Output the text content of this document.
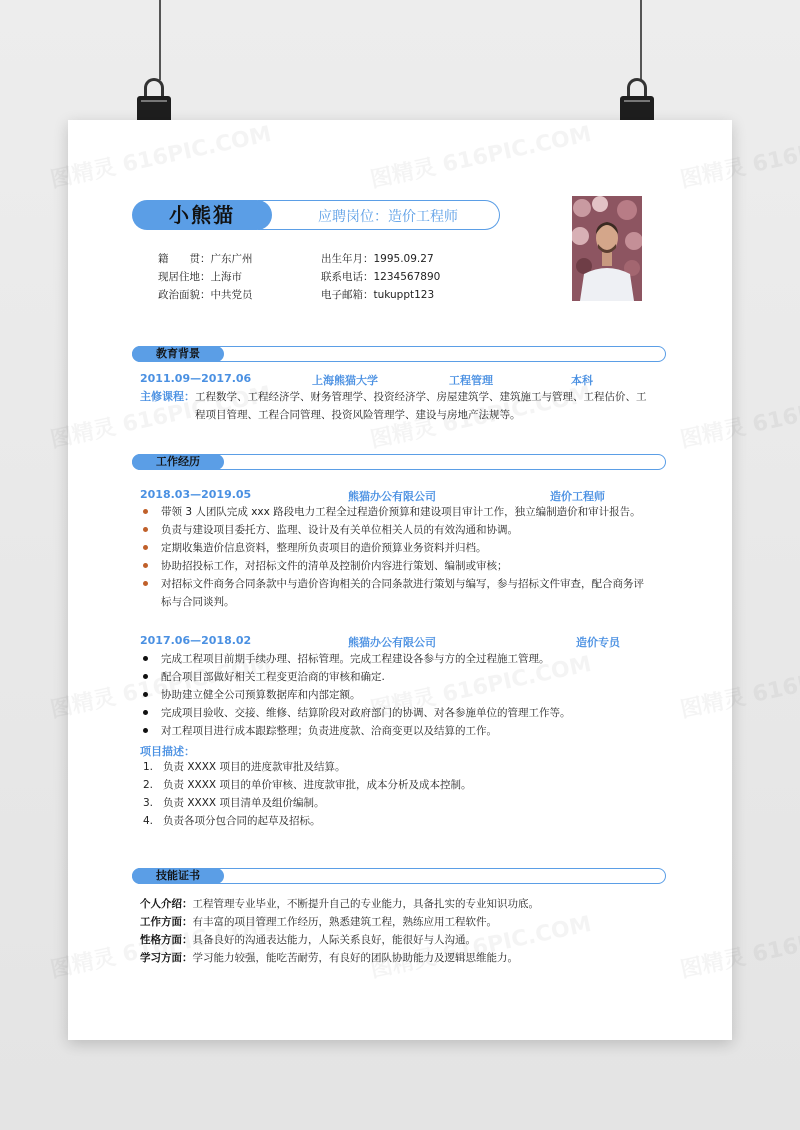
小熊猫	应聘岗位：造价工程师
籍　　贯：广东广州
现居住地：上海市
政治面貌：中共党员
出生年月：1995.09.27
联系电话：1234567890
电子邮箱：tukuppt123
教育背景
2011.09—2017.06	上海熊猫大学	工程管理	本科
主修课程：工程数学、工程经济学、财务管理学、投资经济学、房屋建筑学、建筑施工与管理、工程估价、工
程项目管理、工程合同管理、投资风险管理学、建设与房地产法规等。
工作经历
2018.03—2019.05	熊猫办公有限公司	造价工程师
带领 3 人团队完成 xxx 路段电力工程全过程造价预算和建设项目审计工作，独立编制造价和审计报告。
负责与建设项目委托方、监理、设计及有关单位相关人员的有效沟通和协调。
定期收集造价信息资料，整理所负责项目的造价预算业务资料并归档。
协助招投标工作，对招标文件的清单及控制价内容进行策划、编制或审核；
对招标文件商务合同条款中与造价咨询相关的合同条款进行策划与编写，参与招标文件审查，配合商务评标与合同谈判。
2017.06—2018.02	熊猫办公有限公司	造价专员
完成工程项目前期手续办理、招标管理。完成工程建设各参与方的全过程施工管理。
配合项目部做好相关工程变更洽商的审核和确定.
协助建立健全公司预算数据库和内部定额。
完成项目验收、交接、维修、结算阶段对政府部门的协调、对各参施单位的管理工作等。
对工程项目进行成本跟踪整理；负责进度款、洽商变更以及结算的工作。
项目描述：
1. 负责 XXXX 项目的进度款审批及结算。
2. 负责 XXXX 项目的单价审核、进度款审批，成本分析及成本控制。
3. 负责 XXXX 项目清单及组价编制。
4. 负责各项分包合同的起草及招标。
技能证书
个人介绍：工程管理专业毕业，不断提升自己的专业能力，具备扎实的专业知识功底。
工作方面：有丰富的项目管理工作经历，熟悉建筑工程，熟练应用工程软件。
性格方面：具备良好的沟通表达能力，人际关系良好，能很好与人沟通。
学习方面：学习能力较强，能吃苦耐劳，有良好的团队协助能力及逻辑思维能力。
